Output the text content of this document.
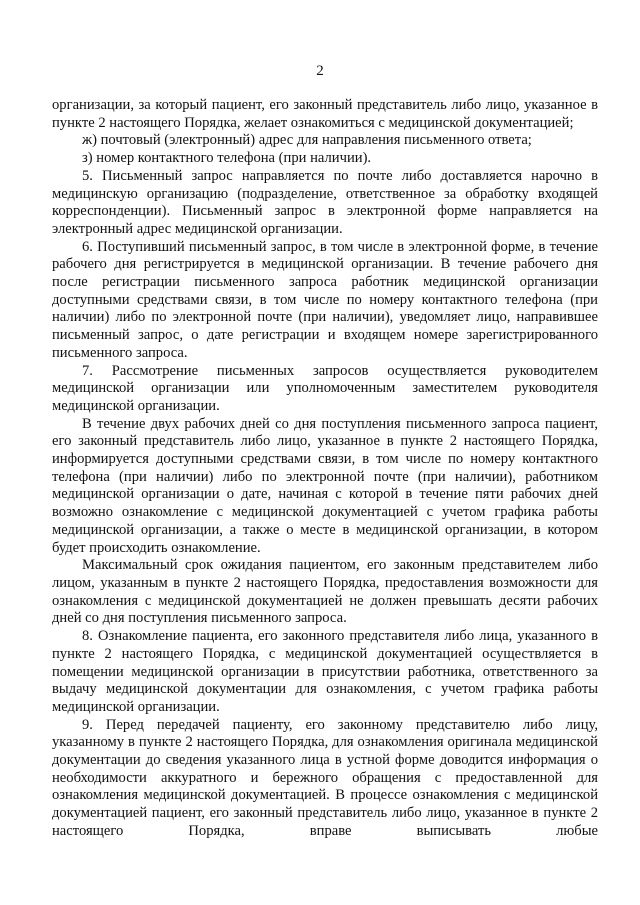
2

организации, за который пациент, его законный представитель либо лицо, указанное в пункте 2 настоящего Порядка, желает ознакомиться с медицинской документацией;

ж) почтовый (электронный) адрес для направления письменного ответа;

з) номер контактного телефона (при наличии).

5. Письменный запрос направляется по почте либо доставляется нарочно в медицинскую организацию (подразделение, ответственное за обработку входящей корреспонденции). Письменный запрос в электронной форме направляется на электронный адрес медицинской организации.

6. Поступивший письменный запрос, в том числе в электронной форме, в течение рабочего дня регистрируется в медицинской организации. В течение рабочего дня после регистрации письменного запроса работник медицинской организации доступными средствами связи, в том числе по номеру контактного телефона (при наличии) либо по электронной почте (при наличии), уведомляет лицо, направившее письменный запрос, о дате регистрации и входящем номере зарегистрированного письменного запроса.

7. Рассмотрение письменных запросов осуществляется руководителем медицинской организации или уполномоченным заместителем руководителя медицинской организации.

В течение двух рабочих дней со дня поступления письменного запроса пациент, его законный представитель либо лицо, указанное в пункте 2 настоящего Порядка, информируется доступными средствами связи, в том числе по номеру контактного телефона (при наличии) либо по электронной почте (при наличии), работником медицинской организации о дате, начиная с которой в течение пяти рабочих дней возможно ознакомление с медицинской документацией с учетом графика работы медицинской организации, а также о месте в медицинской организации, в котором будет происходить ознакомление.

Максимальный срок ожидания пациентом, его законным представителем либо лицом, указанным в пункте 2 настоящего Порядка, предоставления возможности для ознакомления с медицинской документацией не должен превышать десяти рабочих дней со дня поступления письменного запроса.

8. Ознакомление пациента, его законного представителя либо лица, указанного в пункте 2 настоящего Порядка, с медицинской документацией осуществляется в помещении медицинской организации в присутствии работника, ответственного за выдачу медицинской документации для ознакомления, с учетом графика работы медицинской организации.

9. Перед передачей пациенту, его законному представителю либо лицу, указанному в пункте 2 настоящего Порядка, для ознакомления оригинала медицинской документации до сведения указанного лица в устной форме доводится информация о необходимости аккуратного и бережного обращения с предоставленной для ознакомления медицинской документацией. В процессе ознакомления с медицинской документацией пациент, его законный представитель либо лицо, указанное в пункте 2 настоящего Порядка, вправе выписывать любые
